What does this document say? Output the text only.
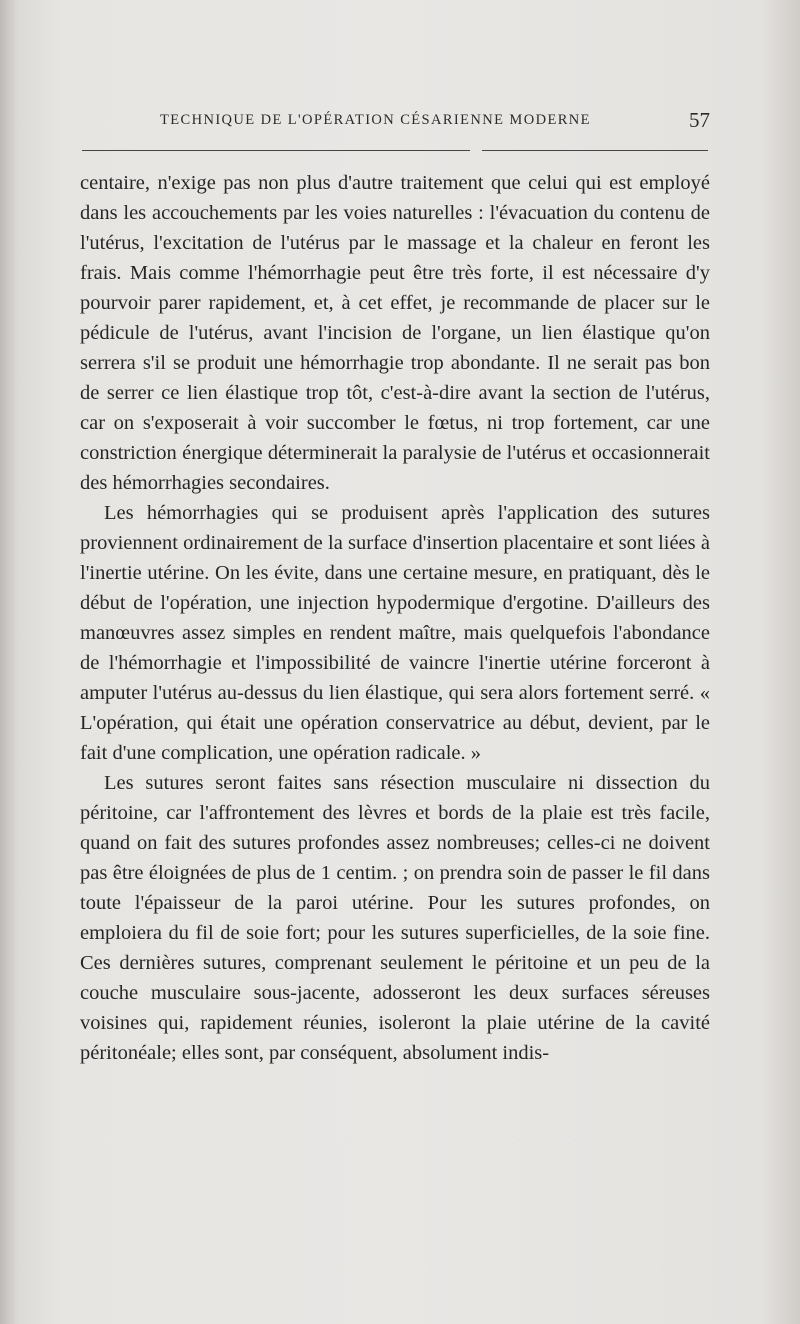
TECHNIQUE DE L'OPÉRATION CÉSARIENNE MODERNE	57

centaire, n'exige pas non plus d'autre traitement que celui qui est employé dans les accouchements par les voies naturelles : l'évacuation du contenu de l'utérus, l'excitation de l'utérus par le massage et la chaleur en feront les frais. Mais comme l'hémorrhagie peut être très forte, il est nécessaire d'y pourvoir parer rapidement, et, à cet effet, je recommande de placer sur le pédicule de l'utérus, avant l'incision de l'organe, un lien élastique qu'on serrera s'il se produit une hémorrhagie trop abondante. Il ne serait pas bon de serrer ce lien élastique trop tôt, c'est-à-dire avant la section de l'utérus, car on s'exposerait à voir succomber le fœtus, ni trop fortement, car une constriction énergique déterminerait la paralysie de l'utérus et occasionnerait des hémorrhagies secondaires.

Les hémorrhagies qui se produisent après l'application des sutures proviennent ordinairement de la surface d'insertion placentaire et sont liées à l'inertie utérine. On les évite, dans une certaine mesure, en pratiquant, dès le début de l'opération, une injection hypodermique d'ergotine. D'ailleurs des manœuvres assez simples en rendent maître, mais quelquefois l'abondance de l'hémorrhagie et l'impossibilité de vaincre l'inertie utérine forceront à amputer l'utérus au-dessus du lien élastique, qui sera alors fortement serré. « L'opération, qui était une opération conservatrice au début, devient, par le fait d'une complication, une opération radicale. »

Les sutures seront faites sans résection musculaire ni dissection du péritoine, car l'affrontement des lèvres et bords de la plaie est très facile, quand on fait des sutures profondes assez nombreuses; celles-ci ne doivent pas être éloignées de plus de 1 centim. ; on prendra soin de passer le fil dans toute l'épaisseur de la paroi utérine. Pour les sutures profondes, on emploiera du fil de soie fort; pour les sutures superficielles, de la soie fine. Ces dernières sutures, comprenant seulement le péritoine et un peu de la couche musculaire sous-jacente, adosseront les deux surfaces séreuses voisines qui, rapidement réunies, isoleront la plaie utérine de la cavité péritonéale; elles sont, par conséquent, absolument indis-
